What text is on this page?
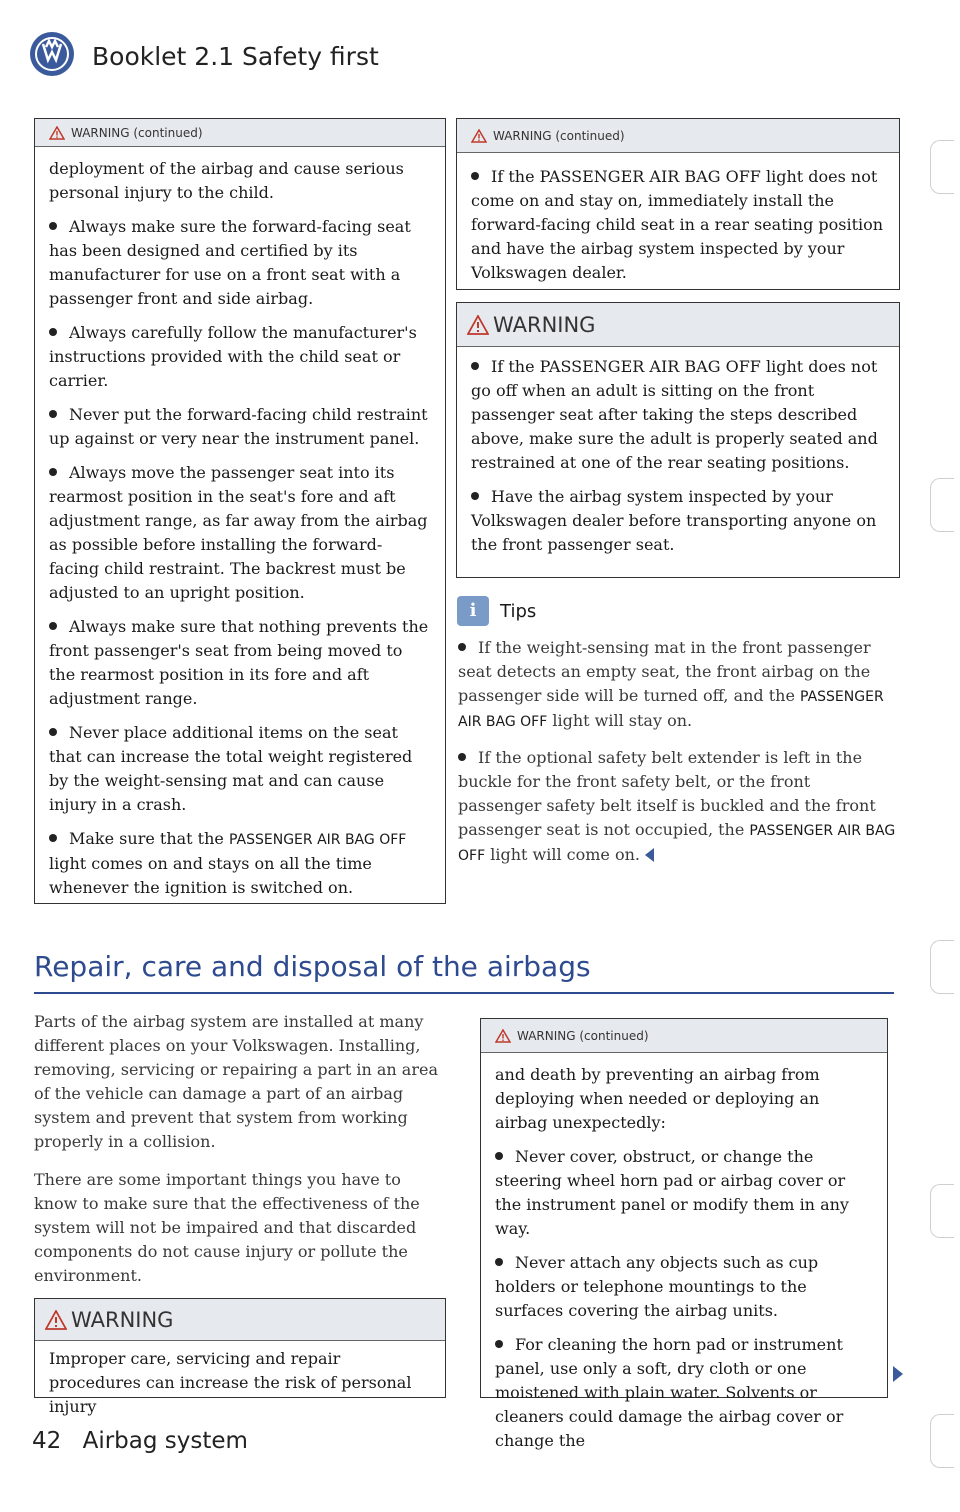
Booklet 2.1 Safety first
WARNING (continued)

deployment of the airbag and cause serious personal injury to the child.

Always make sure the forward-facing seat has been designed and certified by its manufacturer for use on a front seat with a passenger front and side airbag.

Always carefully follow the manufacturer's instructions provided with the child seat or carrier.

Never put the forward-facing child restraint up against or very near the instrument panel.

Always move the passenger seat into its rearmost position in the seat's fore and aft adjustment range, as far away from the airbag as possible before installing the forward-facing child restraint. The backrest must be adjusted to an upright position.

Always make sure that nothing prevents the front passenger's seat from being moved to the rearmost position in its fore and aft adjustment range.

Never place additional items on the seat that can increase the total weight registered by the weight-sensing mat and can cause injury in a crash.

Make sure that the PASSENGER AIR BAG OFF light comes on and stays on all the time whenever the ignition is switched on.

WARNING (continued)

If the PASSENGER AIR BAG OFF light does not come on and stay on, immediately install the forward-facing child seat in a rear seating position and have the airbag system inspected by your Volkswagen dealer.

WARNING

If the PASSENGER AIR BAG OFF light does not go off when an adult is sitting on the front passenger seat after taking the steps described above, make sure the adult is properly seated and restrained at one of the rear seating positions.

Have the airbag system inspected by your Volkswagen dealer before transporting anyone on the front passenger seat.

i Tips

If the weight-sensing mat in the front passenger seat detects an empty seat, the front airbag on the passenger side will be turned off, and the PASSENGER AIR BAG OFF light will stay on.

If the optional safety belt extender is left in the buckle for the front safety belt, or the front passenger safety belt itself is buckled and the front passenger seat is not occupied, the PASSENGER AIR BAG OFF light will come on.

Repair, care and disposal of the airbags

Parts of the airbag system are installed at many different places on your Volkswagen. Installing, removing, servicing or repairing a part in an area of the vehicle can damage a part of an airbag system and prevent that system from working properly in a collision.

There are some important things you have to know to make sure that the effectiveness of the system will not be impaired and that discarded components do not cause injury or pollute the environment.

WARNING

Improper care, servicing and repair procedures can increase the risk of personal injury

WARNING (continued)

and death by preventing an airbag from deploying when needed or deploying an airbag unexpectedly:

Never cover, obstruct, or change the steering wheel horn pad or airbag cover or the instrument panel or modify them in any way.

Never attach any objects such as cup holders or telephone mountings to the surfaces covering the airbag units.

For cleaning the horn pad or instrument panel, use only a soft, dry cloth or one moistened with plain water. Solvents or cleaners could damage the airbag cover or change the

42 Airbag system
